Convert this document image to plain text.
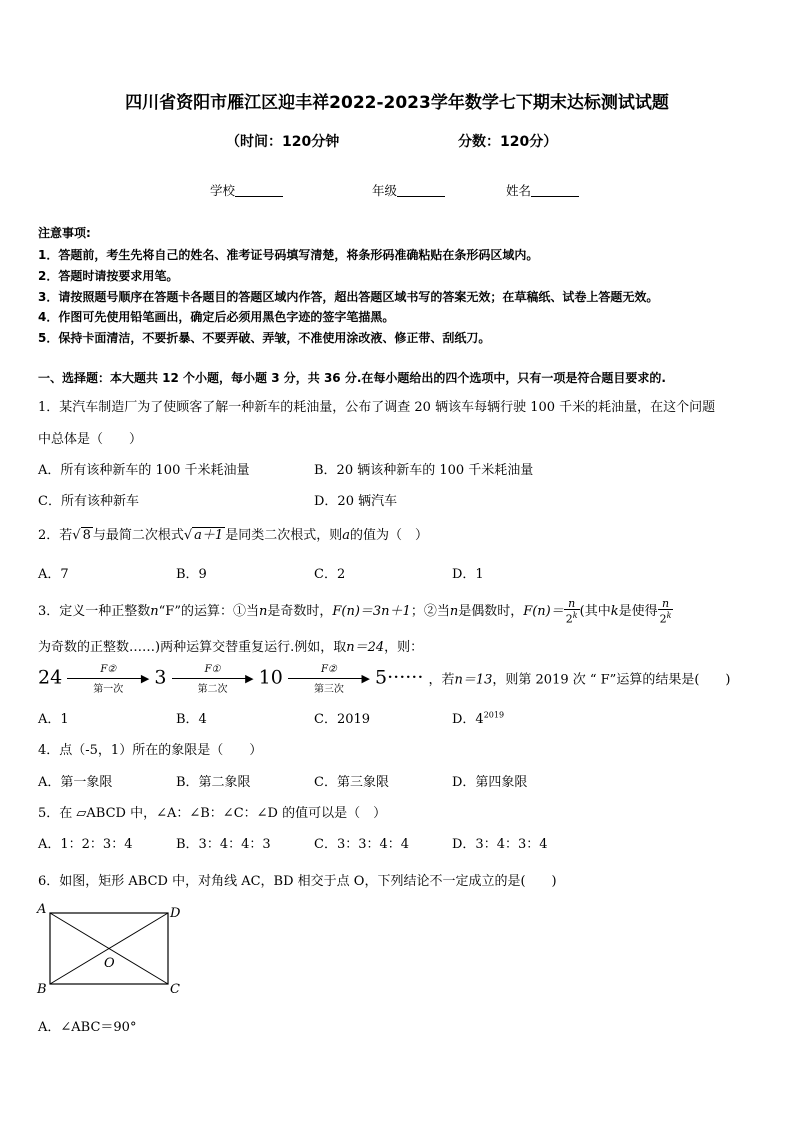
四川省资阳市雁江区迎丰祥2022-2023学年数学七下期末达标测试试题
（时间：120分钟	分数：120分）
学校	年级	姓名
注意事项:
1．答题前，考生先将自己的姓名、准考证号码填写清楚，将条形码准确粘贴在条形码区域内。
2．答题时请按要求用笔。
3．请按照题号顺序在答题卡各题目的答题区域内作答，超出答题区域书写的答案无效；在草稿纸、试卷上答题无效。
4．作图可先使用铅笔画出，确定后必须用黑色字迹的签字笔描黑。
5．保持卡面清洁，不要折暴、不要弄破、弄皱，不准使用涂改液、修正带、刮纸刀。
一、选择题：本大题共 12 个小题，每小题 3 分，共 36 分.在每小题给出的四个选项中，只有一项是符合题目要求的.
1．某汽车制造厂为了使顾客了解一种新车的耗油量，公布了调查 20 辆该车每辆行驶 100 千米的耗油量，在这个问题
中总体是（　　）
A．所有该种新车的 100 千米耗油量	B．20 辆该种新车的 100 千米耗油量
C．所有该种新车	D．20 辆汽车
2．若√ 8 与最简二次根式√ a＋1 是同类二次根式，则a的值为（　）
A．7	B．9	C．2	D．1
3．定义一种正整数n“F”的运算：①当n是奇数时，F(n)＝3n＋1；②当n是偶数时，$F(n)= \frac{n}{2^k}$ (其中k是使得 $\frac{n}{2^k}$
为奇数的正整数……)两种运算交替重复运行.例如，取n＝24，则：
24	F②
▶
第一次
3	F①
▶
第二次
10	F②
▶
第三次
5······ ，若n＝13，则第 2019 次 “ F”运算的结果是(　　)
A．1	B．4	C．2019	D．$4^{2019}$
4．点（-5，1）所在的象限是（　　）
A．第一象限	B．第二象限	C．第三象限	D．第四象限
5．在 ▱ABCD 中，∠A：∠B：∠C：∠D 的值可以是（　）
A．1：2：3：4	B．3：4：4：3	C．3：3：4：4	D．3：4：3：4
6．如图，矩形 ABCD 中，对角线 AC，BD 相交于点 O，下列结论不一定成立的是(　　)
A	D
B	C
O
A．∠ABC＝90°
